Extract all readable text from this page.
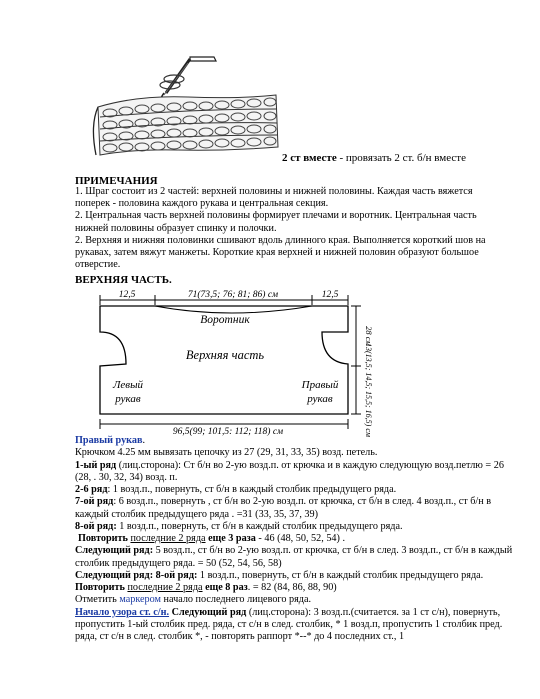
2 ст вместе - провязать 2 ст. б/н вместе
ПРИМЕЧАНИЯ

1. Шраг состоит из 2 частей: верхней половины и нижней половины. Каждая часть вяжется поперек - половина каждого рукава и центральная секция.

2. Центральная часть верхней половины формирует плечами и воротник. Центральная часть нижней половины образует спинку и полочки.

2. Верхняя и нижняя половинки сшивают вдоль длинного края. Выполняется короткий шов на рукавах, затем вяжут манжеты. Короткие края верхней и нижней половин образуют большое отверстие.

ВЕРХНЯЯ ЧАСТЬ.
12,5	71(73,5; 76; 81; 86) см	12,5
Воротник
Верхняя часть
Левый
рукав
Правый
рукав
96,5(99; 101,5: 112; 118) см
28 см
13(13,5; 14,5; 15,5; 16,5) см

Правый рукав.

Крючком 4.25 мм вывязать цепочку из 27 (29, 31, 33, 35) возд. петель.

1-ый ряд (лиц.сторона): Ст б/н во 2-ую возд.п. от крючка и в каждую следующую возд.петлю = 26 (28, . 30, 32, 34) возд. п.

2-6 ряд: 1 возд.п., повернуть, ст б/н в каждый столбик предыдущего ряда.

7-ой ряд: 6 возд.п., повернуть , ст б/н во 2-ую возд.п. от крючка, ст б/н в след. 4 возд.п., ст б/н в каждый столбик предыдущего ряда . =31 (33, 35, 37, 39)

8-ой ряд: 1 возд.п., повернуть, ст б/н в каждый столбик предыдущего ряда.

Повторить последние 2 ряда еще 3 раза - 46 (48, 50, 52, 54) .

Следующий ряд: 5 возд.п., ст б/н во 2-ую возд.п. от крючка, ст б/н в след. 3 возд.п., ст б/н в каждый столбик предыдущего ряда. = 50 (52, 54, 56, 58)

Следующий ряд: 8-ой ряд: 1 возд.п., повернуть, ст б/н в каждый столбик предыдущего ряда.

Повторить последние 2 ряда еще 8 раз. = 82 (84, 86, 88, 90)

Отметить маркером начало последнего лицевого ряда.

Начало узора ст. с/н. Следующий ряд (лиц.сторона): 3 возд.п.(считается. за 1 ст с/н), повернуть, пропустить 1-ый столбик пред. ряда, ст с/н в след. столбик, * 1 возд.п, пропустить 1 столбик пред. ряда, ст с/н в след. столбик *, - повторять раппорт *--* до 4 последних ст., 1
